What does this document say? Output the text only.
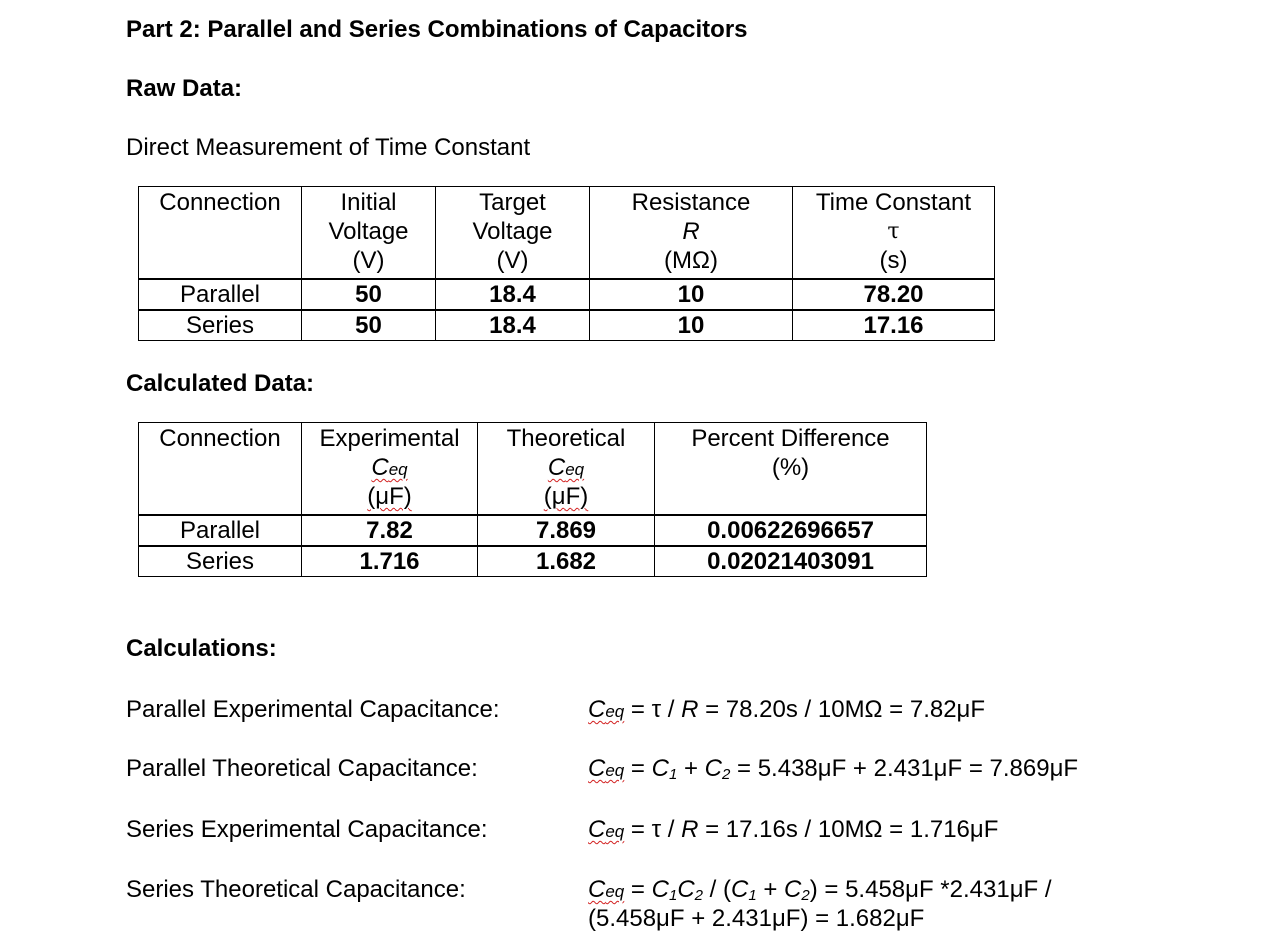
Part 2: Parallel and Series Combinations of Capacitors
Raw Data:
Direct Measurement of Time Constant
Connection	Initial
Voltage
(V)	Target
Voltage
(V)	Resistance
R
(MΩ)	Time Constant
τ
(s)

Parallel	50	18.4	10	78.20
Series	50	18.4	10	17.16
Calculated Data:
Connection	Experimental
Ceq
(μF)	Theoretical
Ceq
(μF)	Percent Difference
(%)

Parallel	7.82	7.869	0.00622696657
Series	1.716	1.682	0.02021403091
Calculations:
Parallel Experimental Capacitance:	Ceq = τ / R = 78.20s / 10MΩ = 7.82μF
Parallel Theoretical Capacitance:	Ceq = C1 + C2 = 5.438μF + 2.431μF = 7.869μF
Series Experimental Capacitance:	Ceq = τ / R = 17.16s / 10MΩ = 1.716μF
Series Theoretical Capacitance:	Ceq = C1C2 / (C1 + C2) = 5.458μF *2.431μF /
(5.458μF + 2.431μF) = 1.682μF
